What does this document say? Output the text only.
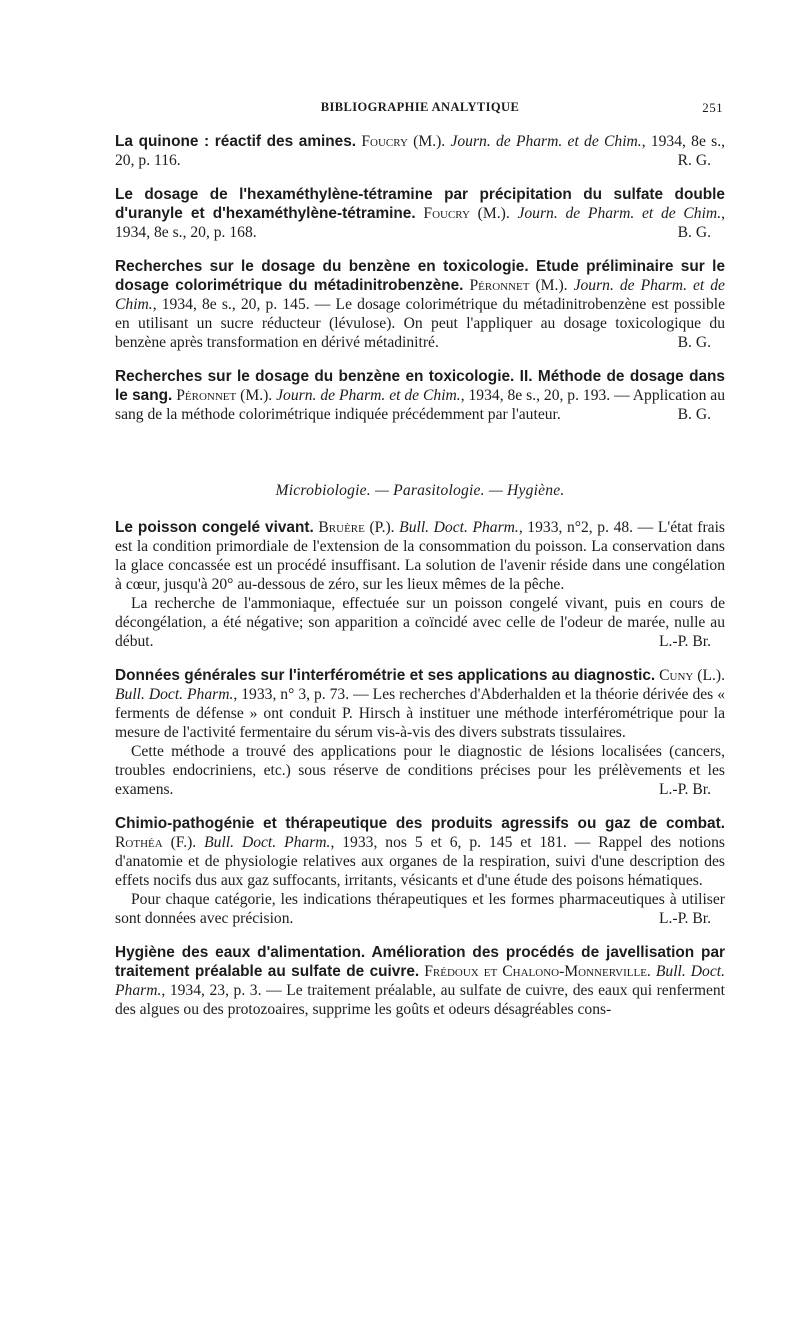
BIBLIOGRAPHIE ANALYTIQUE	251

La quinone : réactif des amines. Foucry (M.). Journ. de Pharm. et de Chim., 1934, 8e s., 20, p. 116.	R. G.

Le dosage de l'hexaméthylène-tétramine par précipitation du sulfate double d'uranyle et d'hexaméthylène-tétramine. Foucry (M.). Journ. de Pharm. et de Chim., 1934, 8e s., 20, p. 168.	B. G.

Recherches sur le dosage du benzène en toxicologie. Etude préliminaire sur le dosage colorimétrique du métadinitrobenzène. Péronnet (M.). Journ. de Pharm. et de Chim., 1934, 8e s., 20, p. 145. — Le dosage colorimétrique du métadinitrobenzène est possible en utilisant un sucre réducteur (lévulose). On peut l'appliquer au dosage toxicologique du benzène après transformation en dérivé métadinitré.	B. G.

Recherches sur le dosage du benzène en toxicologie. II. Méthode de dosage dans le sang. Péronnet (M.). Journ. de Pharm. et de Chim., 1934, 8e s., 20, p. 193. — Application au sang de la méthode colorimétrique indiquée précédemment par l'auteur.	B. G.

Microbiologie. — Parasitologie. — Hygiène.

Le poisson congelé vivant. Bruère (P.). Bull. Doct. Pharm., 1933, n°2, p. 48. — L'état frais est la condition primordiale de l'extension de la consommation du poisson. La conservation dans la glace concassée est un procédé insuffisant. La solution de l'avenir réside dans une congélation à cœur, jusqu'à 20° au-dessous de zéro, sur les lieux mêmes de la pêche.

La recherche de l'ammoniaque, effectuée sur un poisson congelé vivant, puis en cours de décongélation, a été négative; son apparition a coïncidé avec celle de l'odeur de marée, nulle au début.	L.-P. Br.

Données générales sur l'interférométrie et ses applications au diagnostic. Cuny (L.). Bull. Doct. Pharm., 1933, n° 3, p. 73. — Les recherches d'Abderhalden et la théorie dérivée des « ferments de défense » ont conduit P. Hirsch à instituer une méthode interférométrique pour la mesure de l'activité fermentaire du sérum vis-à-vis des divers substrats tissulaires.

Cette méthode a trouvé des applications pour le diagnostic de lésions localisées (cancers, troubles endocriniens, etc.) sous réserve de conditions précises pour les prélèvements et les examens.	L.-P. Br.

Chimio-pathogénie et thérapeutique des produits agressifs ou gaz de combat. Rothéa (F.). Bull. Doct. Pharm., 1933, nos 5 et 6, p. 145 et 181. — Rappel des notions d'anatomie et de physiologie relatives aux organes de la respiration, suivi d'une description des effets nocifs dus aux gaz suffocants, irritants, vésicants et d'une étude des poisons hématiques.

Pour chaque catégorie, les indications thérapeutiques et les formes pharmaceutiques à utiliser sont données avec précision.	L.-P. Br.

Hygiène des eaux d'alimentation. Amélioration des procédés de javellisation par traitement préalable au sulfate de cuivre. Frédoux et Chalono-Monnerville. Bull. Doct. Pharm., 1934, 23, p. 3. — Le traitement préalable, au sulfate de cuivre, des eaux qui renferment des algues ou des protozoaires, supprime les goûts et odeurs désagréables cons-
